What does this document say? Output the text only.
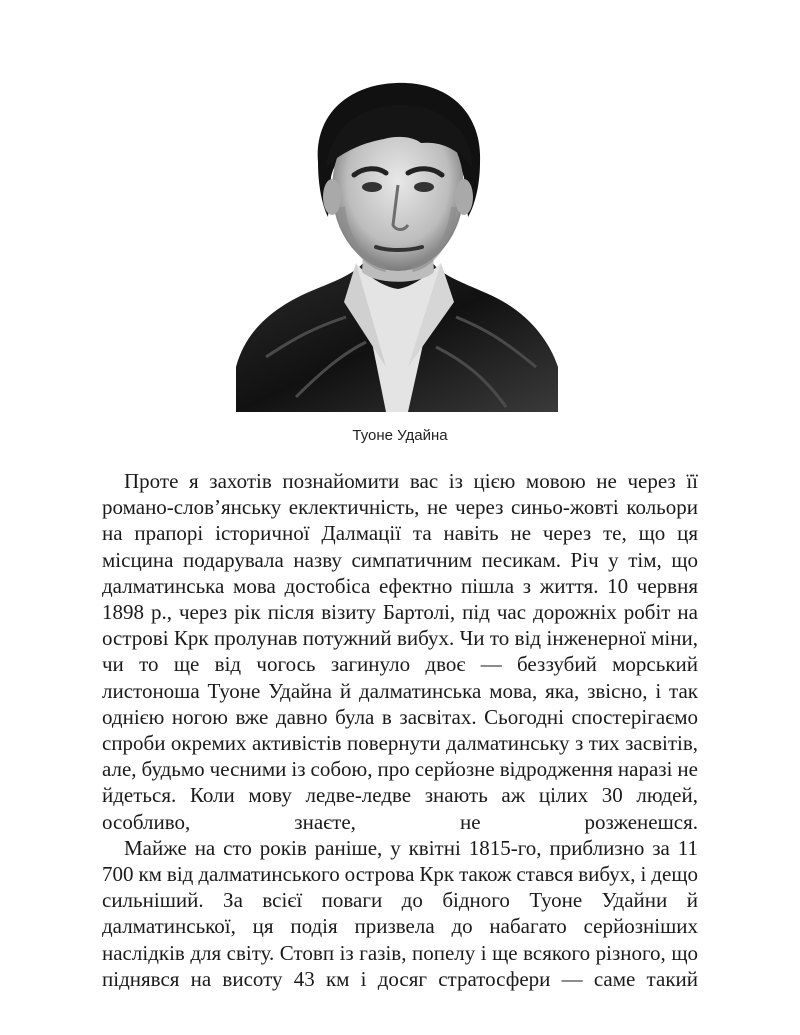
Туоне Удайна

Проте я захотів познайомити вас із цією мовою не через її романо-слов’янську еклектичність, не через синьо-жовті кольори на прапорі історичної Далмації та навіть не через те, що ця місцина подарувала назву симпатичним песикам. Річ у тім, що далматинська мова достобіса ефектно пішла з життя. 10 червня 1898 р., через рік після візиту Бартолі, під час дорожніх робіт на острові Крк пролунав потужний вибух. Чи то від інженерної міни, чи то ще від чогось загинуло двоє — беззубий морський листоноша Туоне Удайна й далматинська мова, яка, звісно, і так однією ногою вже давно була в засвітах. Сьогодні спостерігаємо спроби окремих активістів повернути далматинську з тих засвітів, але, будьмо чесними із собою, про серйозне відродження наразі не йдеться. Коли мову ледве-ледве знають аж цілих 30 людей, особливо, знаєте, не розженешся.

Майже на сто років раніше, у квітні 1815-го, приблизно за 11 700 км від далматинського острова Крк також стався вибух, і дещо сильніший. За всієї поваги до бідного Туоне Удайни й далматинської, ця подія призвела до набагато серйозніших наслідків для світу. Стовп із газів, попелу і ще всякого різного, що піднявся на висоту 43 км і досяг стратосфери — саме такий
